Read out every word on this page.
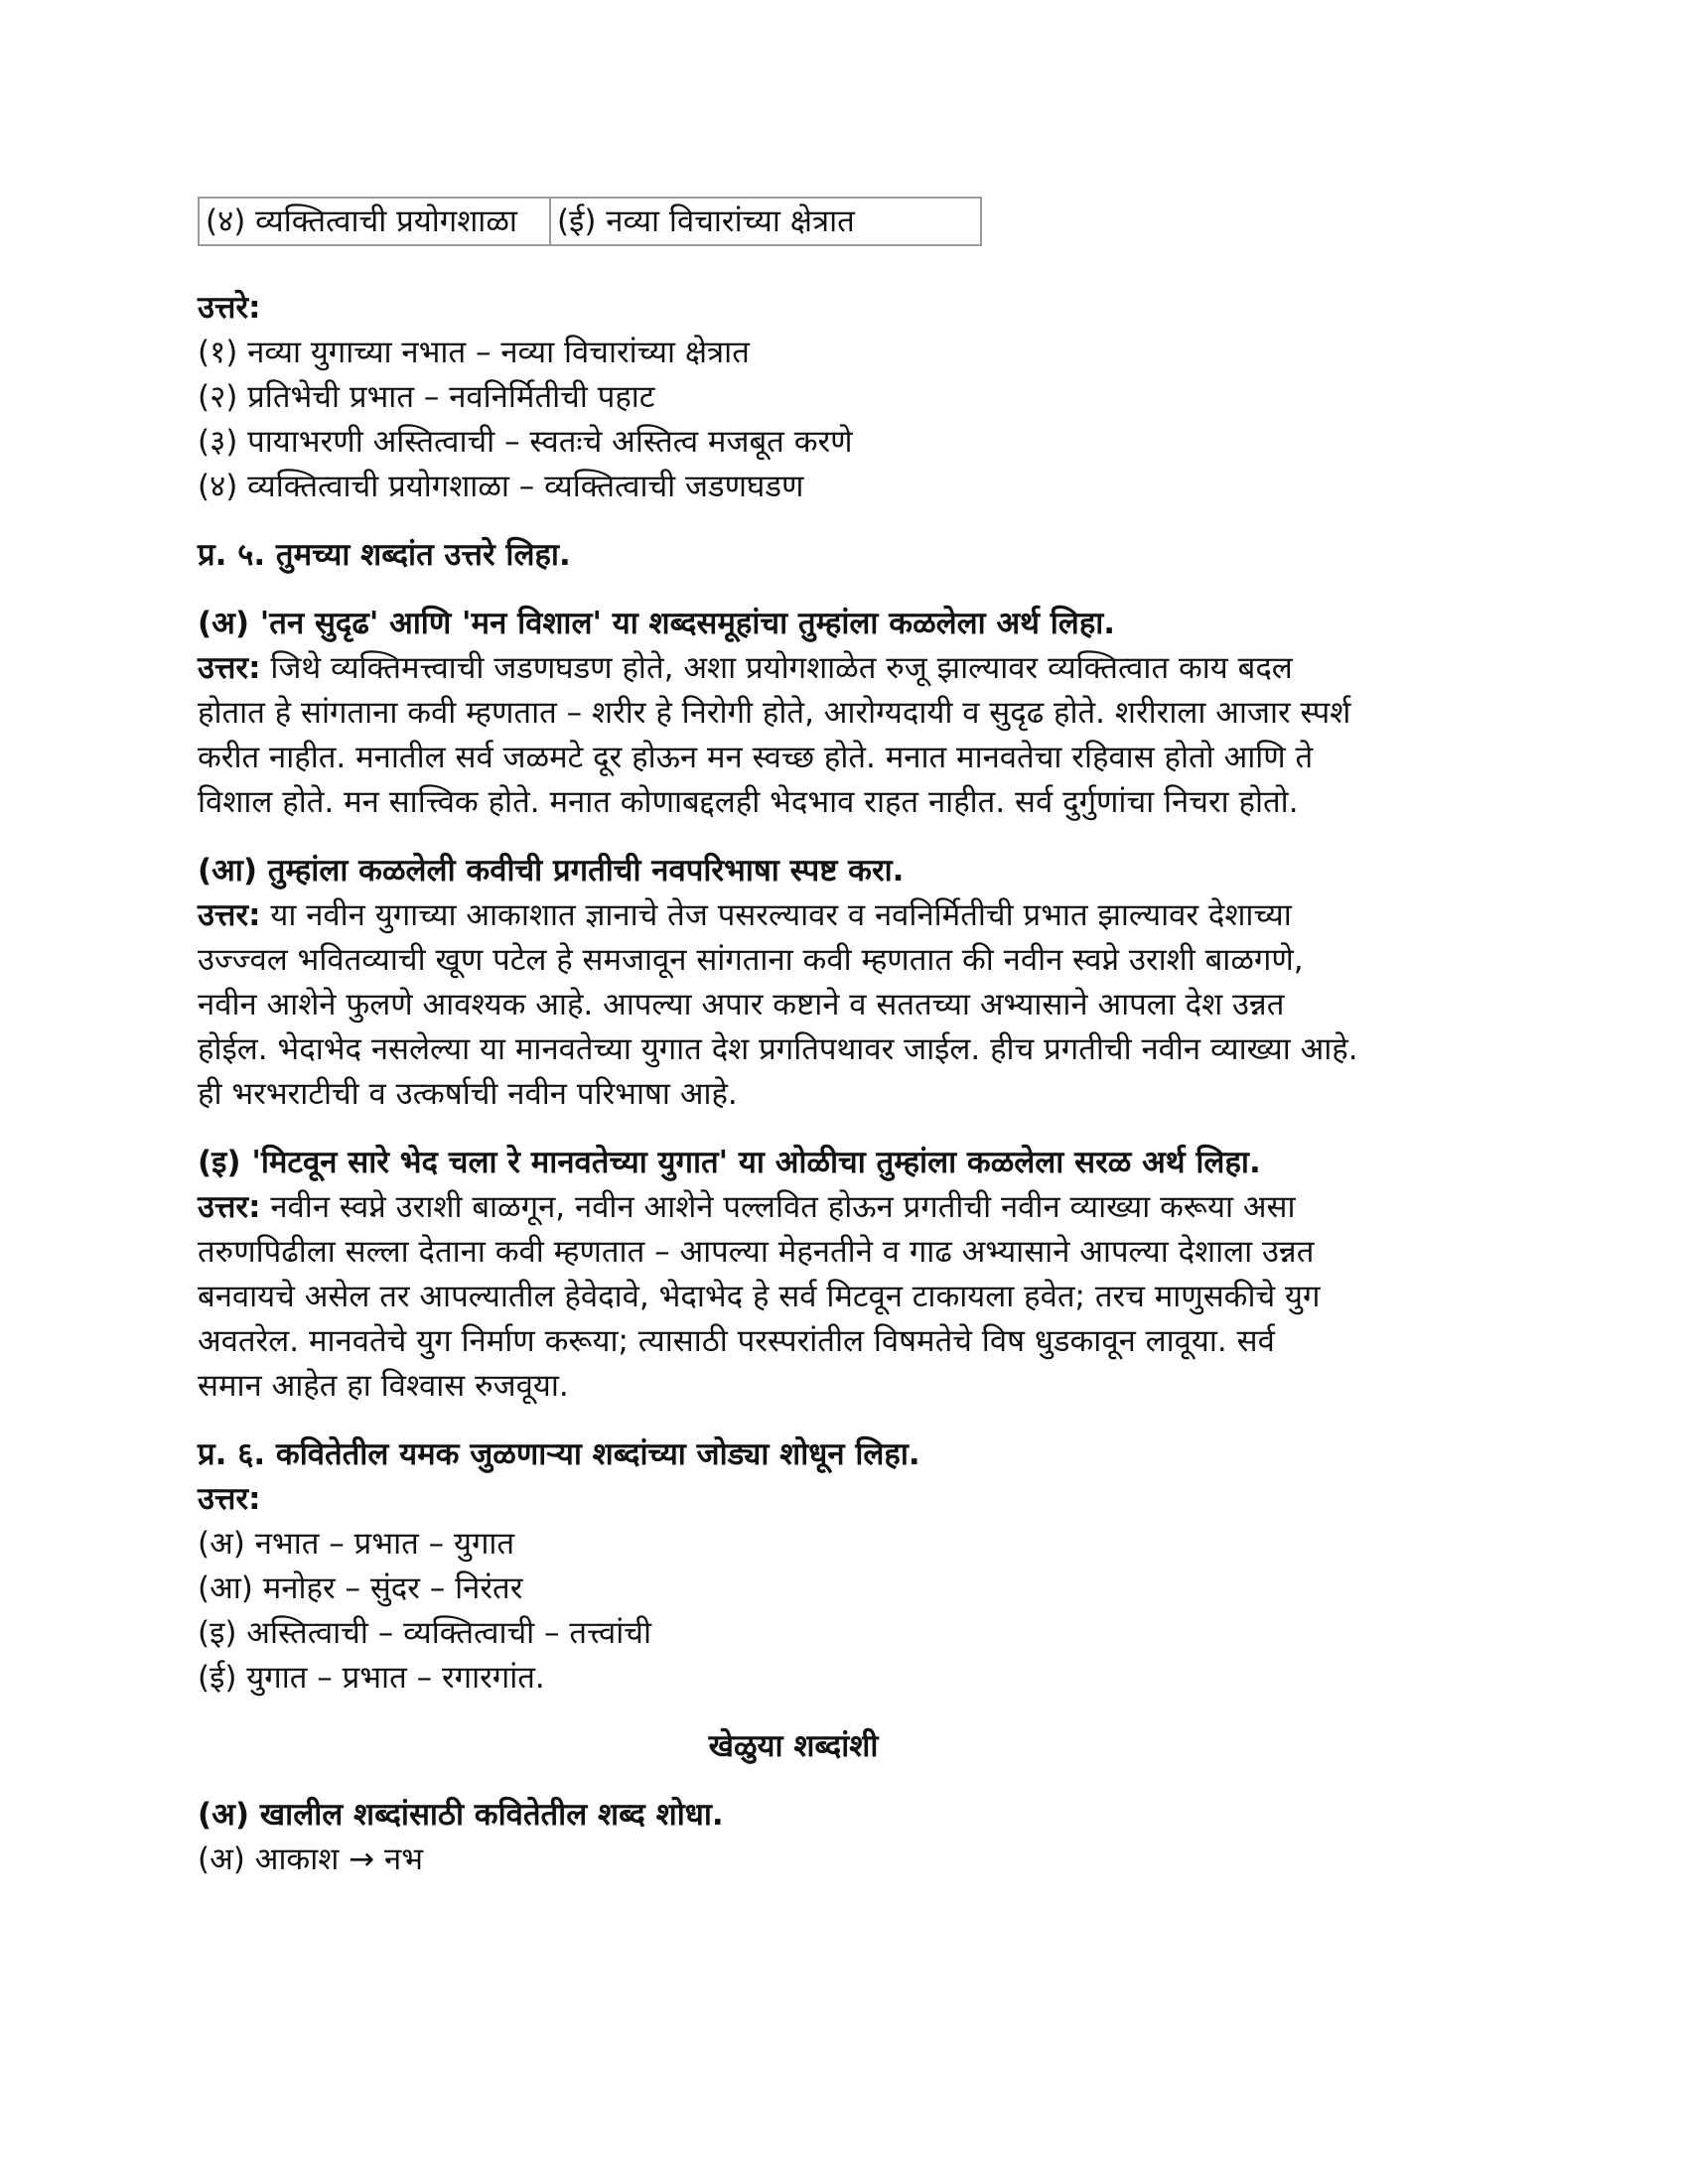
(४) व्यक्तित्वाची प्रयोगशाळा	(ई) नव्या विचारांच्या क्षेत्रात
उत्तरे:
(१) नव्या युगाच्या नभात – नव्या विचारांच्या क्षेत्रात
(२) प्रतिभेची प्रभात – नवनिर्मितीची पहाट
(३) पायाभरणी अस्तित्वाची – स्वतःचे अस्तित्व मजबूत करणे
(४) व्यक्तित्वाची प्रयोगशाळा – व्यक्तित्वाची जडणघडण
प्र. ५. तुमच्या शब्दांत उत्तरे लिहा.
(अ) 'तन सुदृढ' आणि 'मन विशाल' या शब्दसमूहांचा तुम्हांला कळलेला अर्थ लिहा.
उत्तर: जिथे व्यक्तिमत्त्वाची जडणघडण होते, अशा प्रयोगशाळेत रुजू झाल्यावर व्यक्तित्वात काय बदल
होतात हे सांगताना कवी म्हणतात – शरीर हे निरोगी होते, आरोग्यदायी व सुदृढ होते. शरीराला आजार स्पर्श
करीत नाहीत. मनातील सर्व जळमटे दूर होऊन मन स्वच्छ होते. मनात मानवतेचा रहिवास होतो आणि ते
विशाल होते. मन सात्त्विक होते. मनात कोणाबद्दलही भेदभाव राहत नाहीत. सर्व दुर्गुणांचा निचरा होतो.
(आ) तुम्हांला कळलेली कवीची प्रगतीची नवपरिभाषा स्पष्ट करा.
उत्तर: या नवीन युगाच्या आकाशात ज्ञानाचे तेज पसरल्यावर व नवनिर्मितीची प्रभात झाल्यावर देशाच्या
उज्ज्वल भवितव्याची खूण पटेल हे समजावून सांगताना कवी म्हणतात की नवीन स्वप्ने उराशी बाळगणे,
नवीन आशेने फुलणे आवश्यक आहे. आपल्या अपार कष्टाने व सततच्या अभ्यासाने आपला देश उन्नत
होईल. भेदाभेद नसलेल्या या मानवतेच्या युगात देश प्रगतिपथावर जाईल. हीच प्रगतीची नवीन व्याख्या आहे.
ही भरभराटीची व उत्कर्षाची नवीन परिभाषा आहे.
(इ) 'मिटवून सारे भेद चला रे मानवतेच्या युगात' या ओळीचा तुम्हांला कळलेला सरळ अर्थ लिहा.
उत्तर: नवीन स्वप्ने उराशी बाळगून, नवीन आशेने पल्लवित होऊन प्रगतीची नवीन व्याख्या करूया असा
तरुणपिढीला सल्ला देताना कवी म्हणतात – आपल्या मेहनतीने व गाढ अभ्यासाने आपल्या देशाला उन्नत
बनवायचे असेल तर आपल्यातील हेवेदावे, भेदाभेद हे सर्व मिटवून टाकायला हवेत; तरच माणुसकीचे युग
अवतरेल. मानवतेचे युग निर्माण करूया; त्यासाठी परस्परांतील विषमतेचे विष धुडकावून लावूया. सर्व
समान आहेत हा विश्वास रुजवूया.
प्र. ६. कवितेतील यमक जुळणाऱ्या शब्दांच्या जोड्या शोधून लिहा.
उत्तर:
(अ) नभात – प्रभात – युगात
(आ) मनोहर – सुंदर – निरंतर
(इ) अस्तित्वाची – व्यक्तित्वाची – तत्त्वांची
(ई) युगात – प्रभात – रगारगांत.
खेळुया शब्दांशी
(अ) खालील शब्दांसाठी कवितेतील शब्द शोधा.
(अ) आकाश → नभ
